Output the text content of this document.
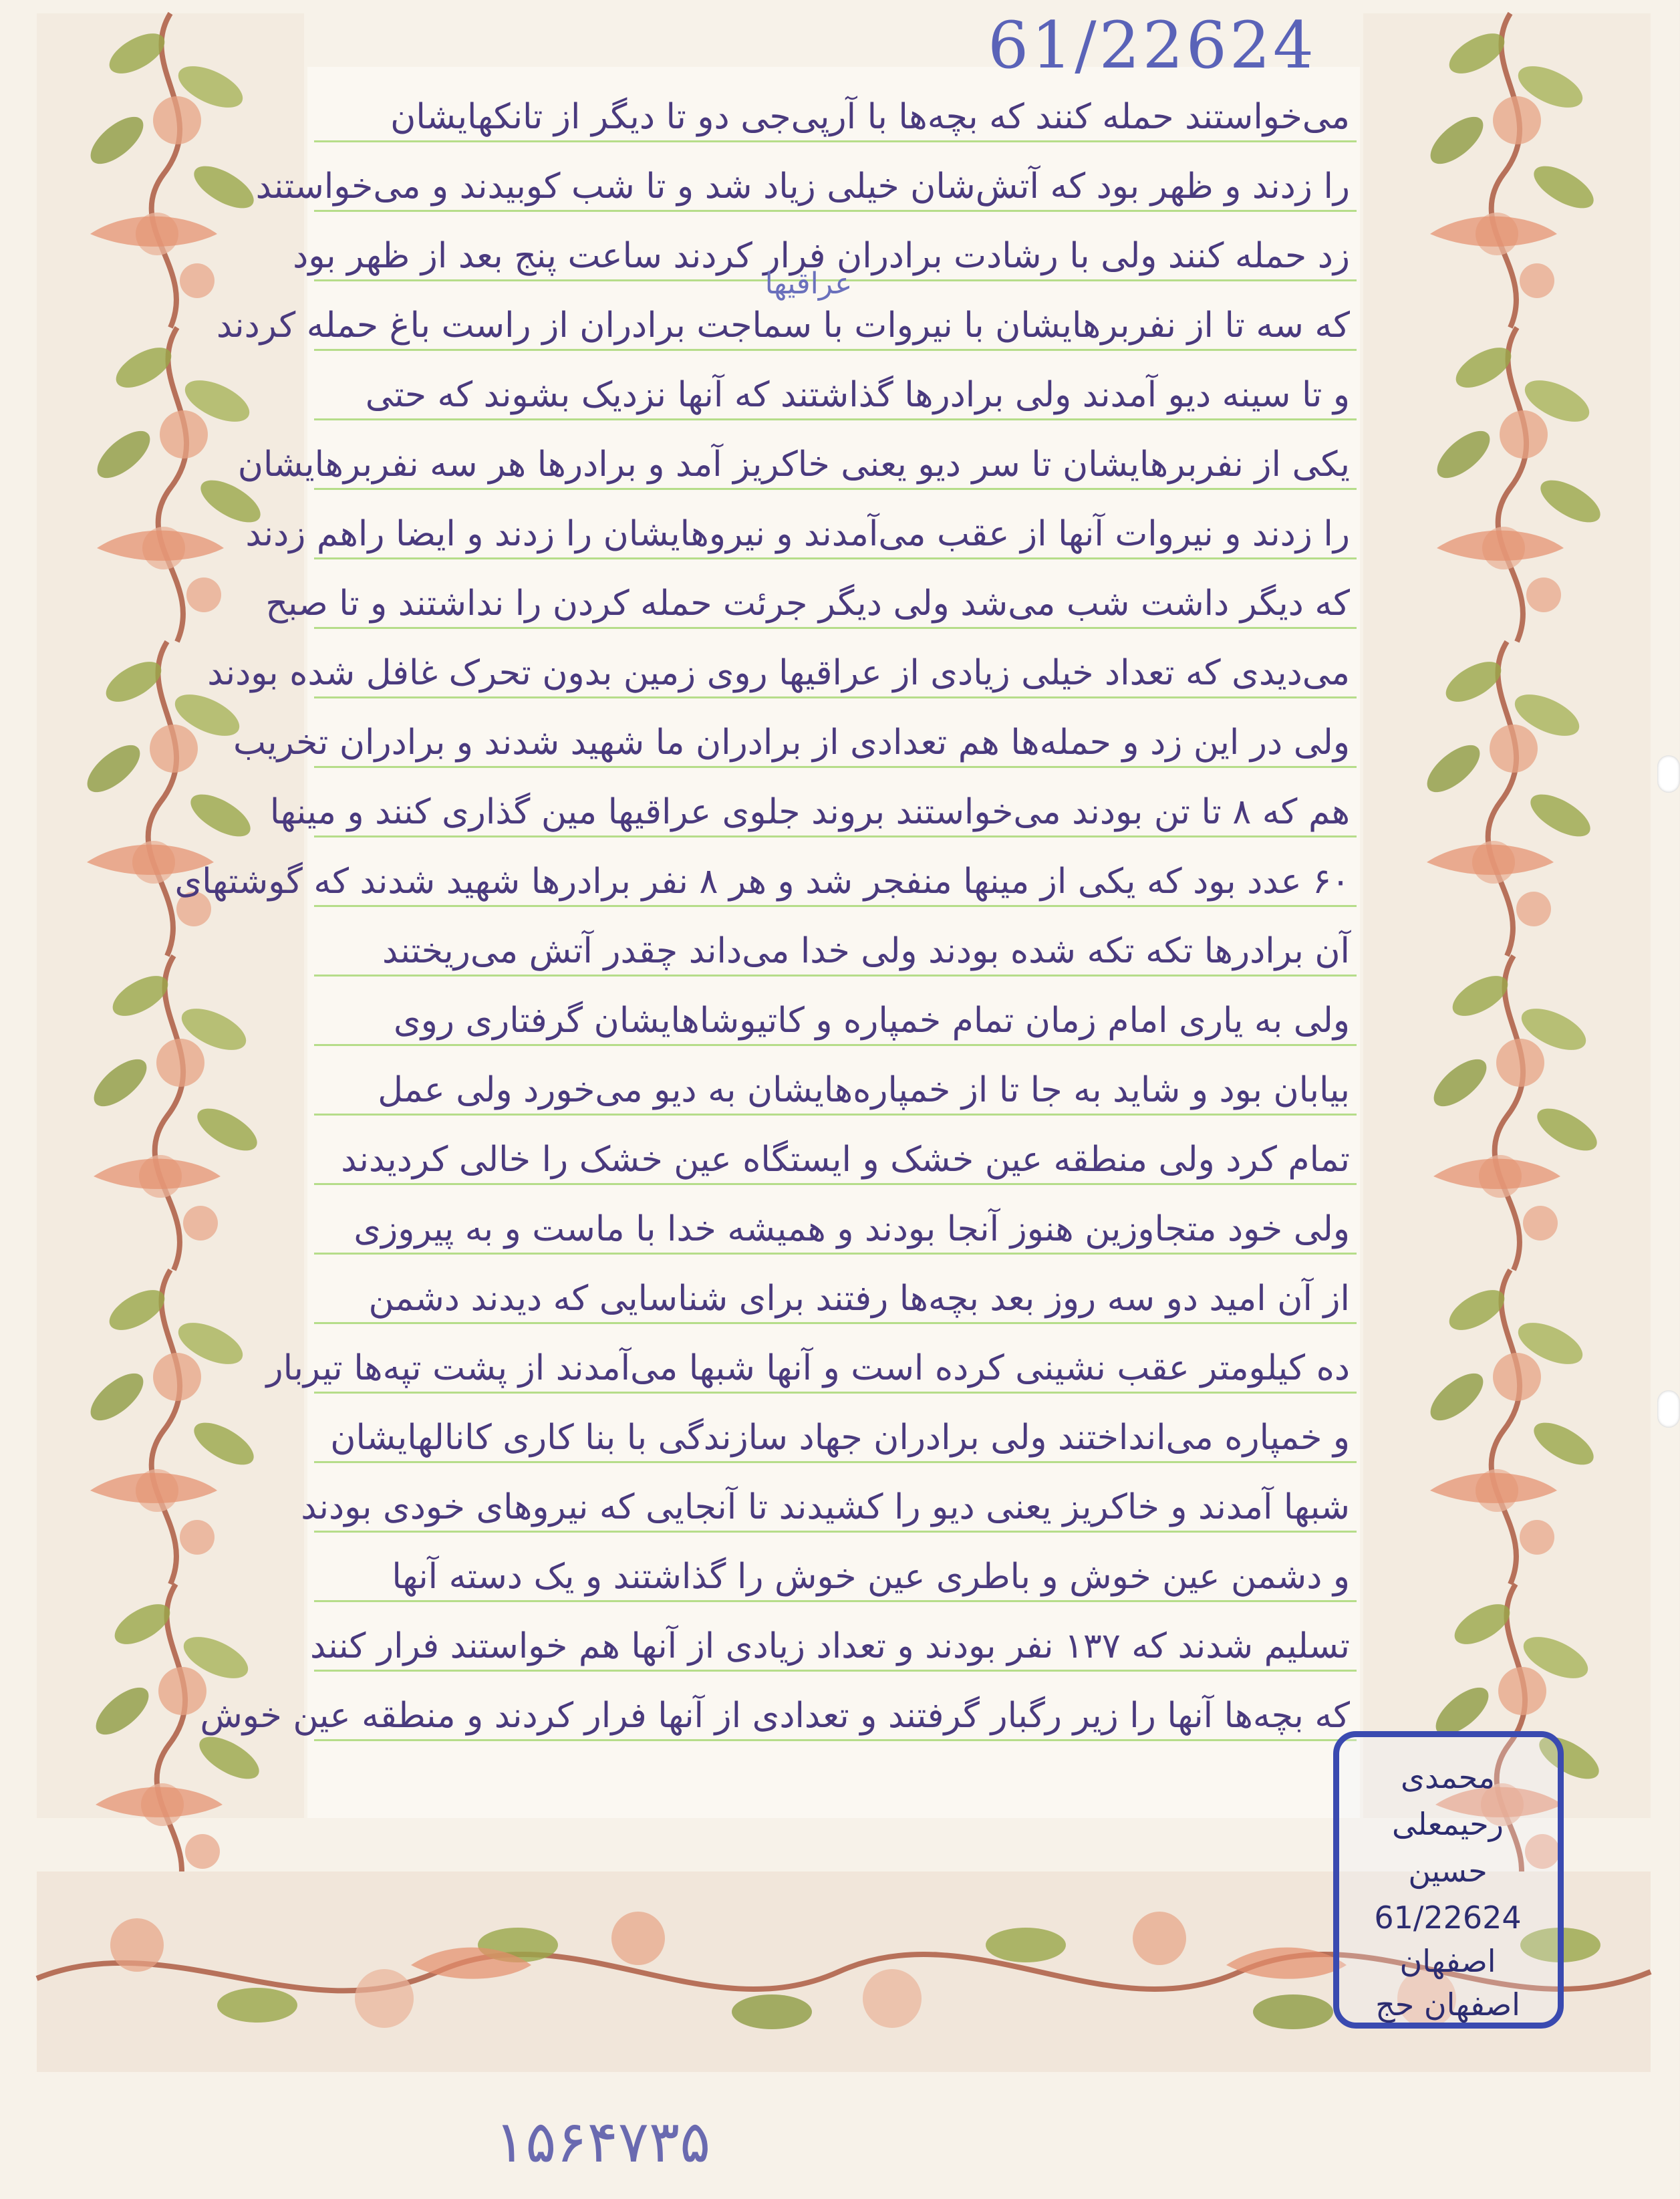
می‌خواستند حمله کنند که بچه‌ها با آرپی‌جی دو تا دیگر از تانکهایشان
را زدند و ظهر بود که آتش‌شان خیلی زیاد شد و تا شب کوبیدند و می‌خواستند
زد حمله کنند ولی با رشادت برادران فرار کردند ساعت پنج بعد از ظهر بود
که سه تا از نفربرهایشان با نیروات با سماجت برادران از راست باغ حمله کردند
و تا سینه دیو آمدند ولی برادرها گذاشتند که آنها نزدیک بشوند که حتی
یکی از نفربرهایشان تا سر دیو یعنی خاکریز آمد و برادرها هر سه نفربرهایشان
را زدند و نیروات آنها از عقب می‌آمدند و نیروهایشان را زدند و ایضا راهم زدند
که دیگر داشت شب می‌شد ولی دیگر جرئت حمله کردن را نداشتند و تا صبح
می‌دیدی که تعداد خیلی زیادی از عراقیها روی زمین بدون تحرک غافل شده بودند
ولی در این زد و حمله‌ها هم تعدادی از برادران ما شهید شدند و برادران تخریب
هم که ۸ تا تن بودند می‌خواستند بروند جلوی عراقیها مین گذاری کنند و مینها
۶۰ عدد بود که یکی از مینها منفجر شد و هر ۸ نفر برادرها شهید شدند که گوشتهای
آن برادرها تکه تکه شده بودند ولی خدا می‌داند چقدر آتش می‌ریختند
ولی به یاری امام زمان تمام خمپاره و کاتیوشاهایشان گرفتاری روی
بیابان بود و شاید به جا تا از خمپاره‌هایشان به دیو می‌خورد ولی عمل
تمام کرد ولی منطقه عین خشک و ایستگاه عین خشک را خالی کردیدند
ولی خود متجاوزین هنوز آنجا بودند و همیشه خدا با ماست و به پیروزی
از آن امید دو سه روز بعد بچه‌ها رفتند برای شناسایی که دیدند دشمن
ده کیلومتر عقب نشینی کرده است و آنها شبها می‌آمدند از پشت تپه‌ها تیربار
و خمپاره می‌انداختند ولی برادران جهاد سازندگی با بنا کاری کانالهایشان
شبها آمدند و خاکریز یعنی دیو را کشیدند تا آنجایی که نیروهای خودی بودند
و دشمن عین خوش و باطری عین خوش را گذاشتند و یک دسته آنها
تسلیم شدند که ۱۳۷ نفر بودند و تعداد زیادی از آنها هم خواستند فرار کنند
که بچه‌ها آنها را زیر رگبار گرفتند و تعدادی از آنها فرار کردند و منطقه عین خوش
61/22624
عراقیها
محمدی
رحیمعلی
حسین
61/22624
اصفهان
اصفهان حج
۱۵۶۴۷۳۵
